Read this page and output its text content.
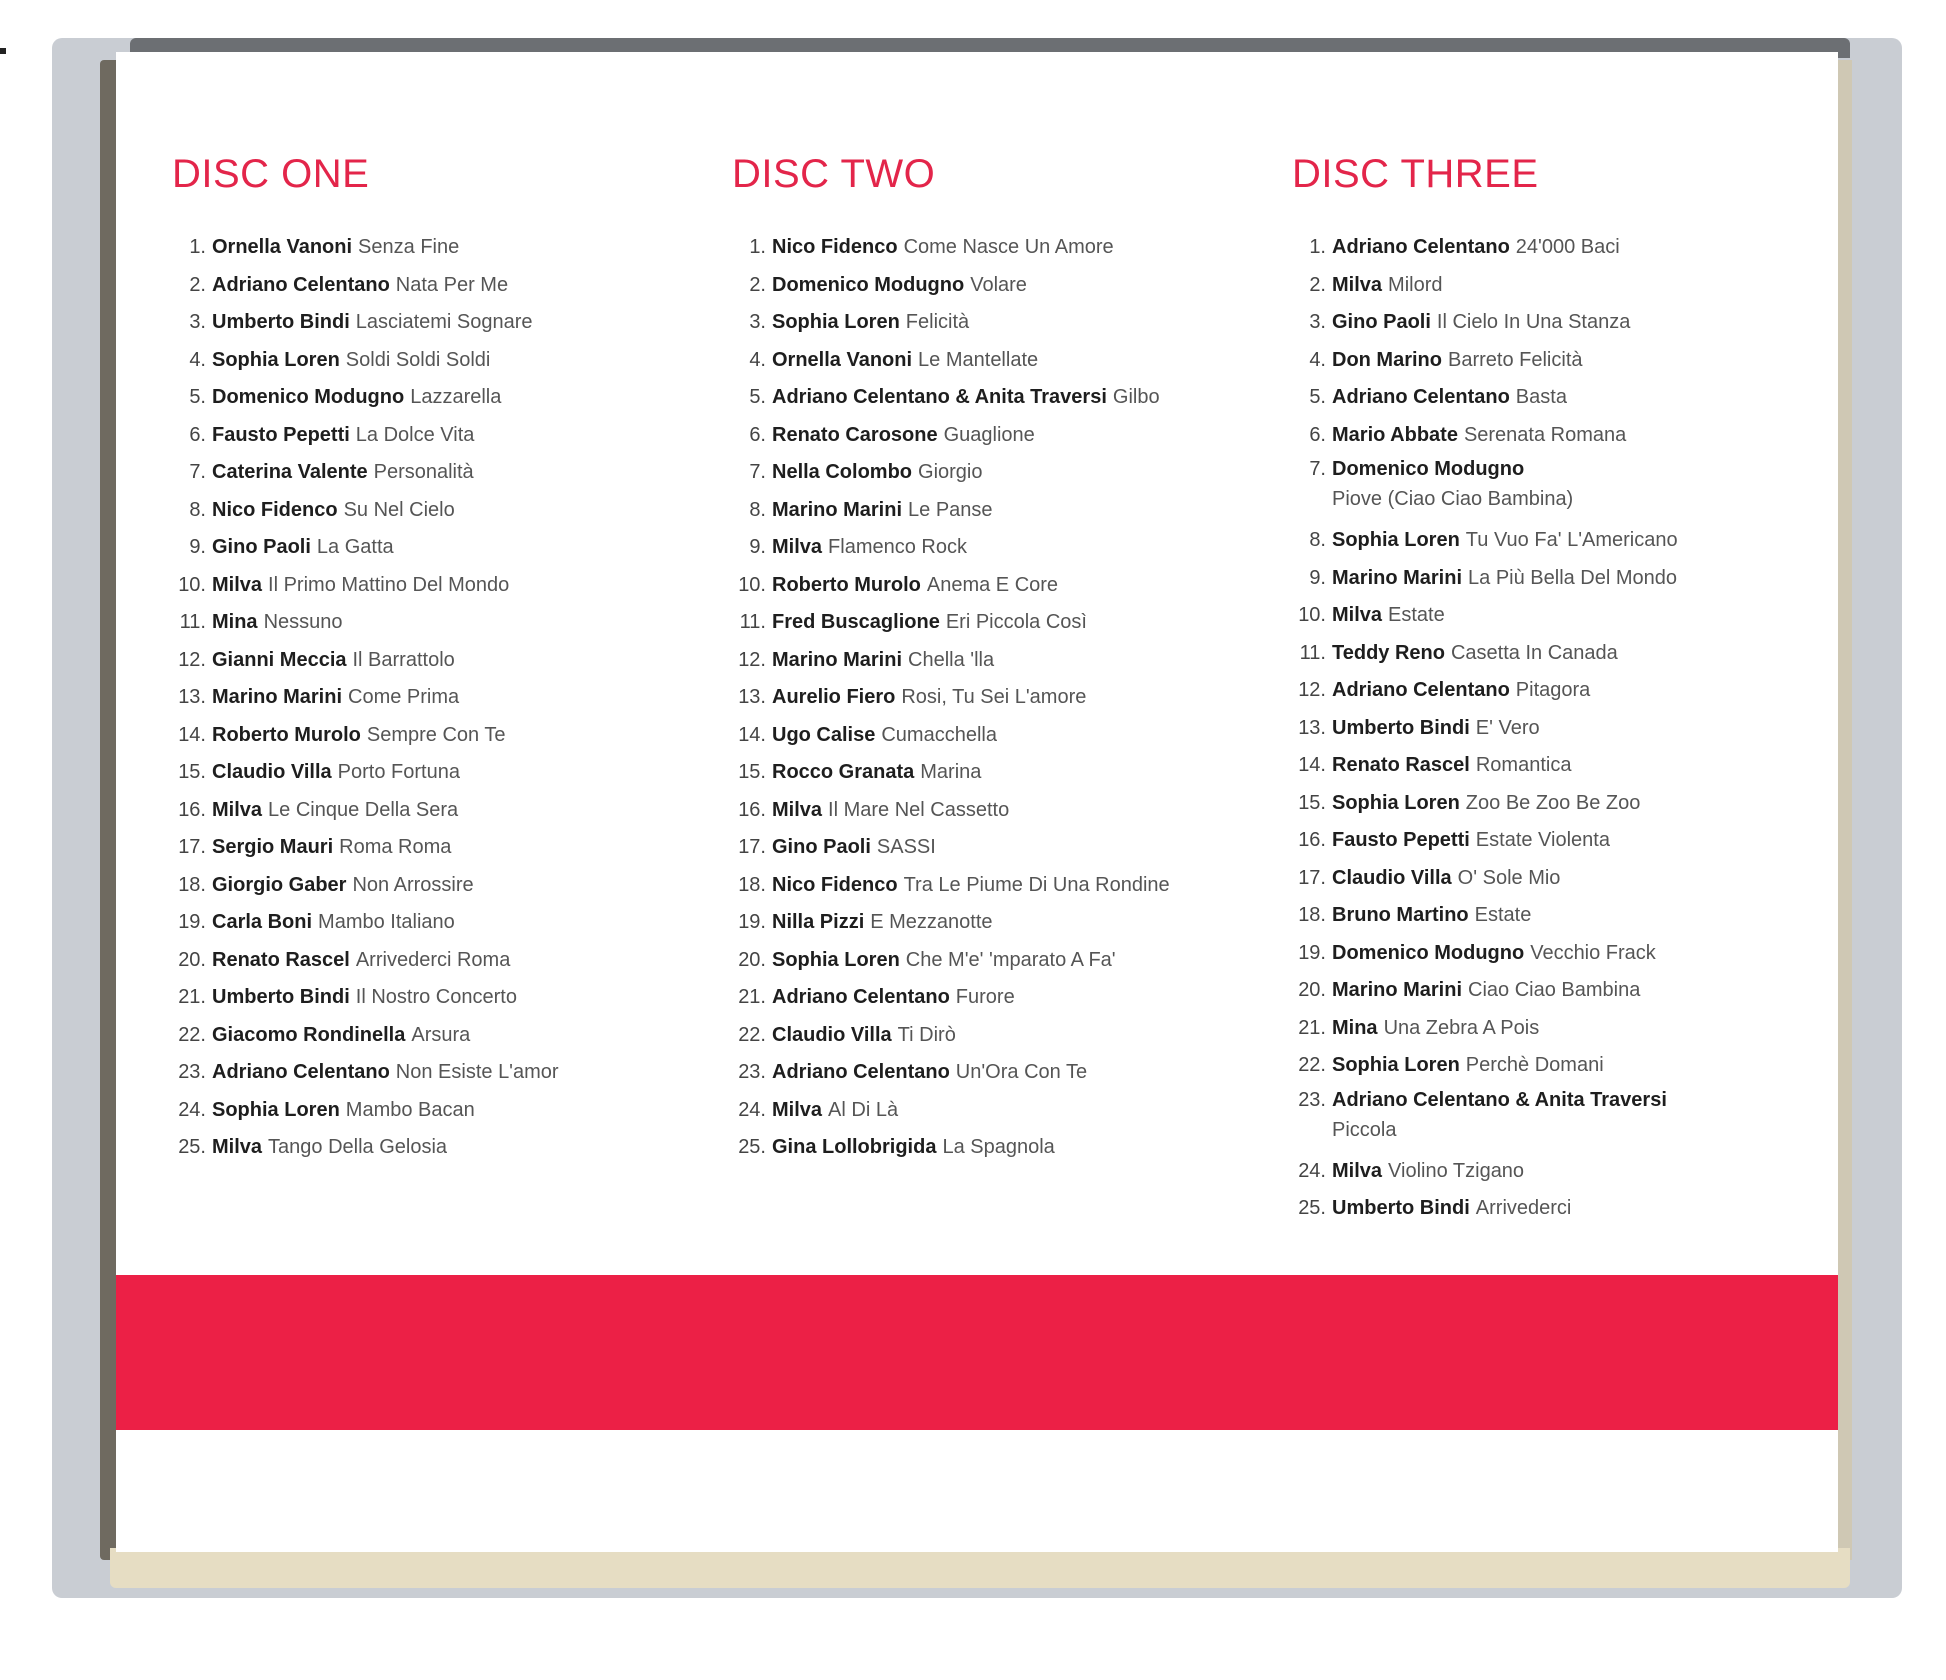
DISC ONE
1. Ornella Vanoni Senza Fine
2. Adriano Celentano Nata Per Me
3. Umberto Bindi Lasciatemi Sognare
4. Sophia Loren Soldi Soldi Soldi
5. Domenico Modugno Lazzarella
6. Fausto Pepetti La Dolce Vita
7. Caterina Valente Personalità
8. Nico Fidenco Su Nel Cielo
9. Gino Paoli La Gatta
10. Milva Il Primo Mattino Del Mondo
11. Mina Nessuno
12. Gianni Meccia Il Barrattolo
13. Marino Marini Come Prima
14. Roberto Murolo Sempre Con Te
15. Claudio Villa Porto Fortuna
16. Milva Le Cinque Della Sera
17. Sergio Mauri Roma Roma
18. Giorgio Gaber Non Arrossire
19. Carla Boni Mambo Italiano
20. Renato Rascel Arrivederci Roma
21. Umberto Bindi Il Nostro Concerto
22. Giacomo Rondinella Arsura
23. Adriano Celentano Non Esiste L'amor
24. Sophia Loren Mambo Bacan
25. Milva Tango Della Gelosia
DISC TWO
1. Nico Fidenco Come Nasce Un Amore
2. Domenico Modugno Volare
3. Sophia Loren Felicità
4. Ornella Vanoni Le Mantellate
5. Adriano Celentano & Anita Traversi Gilbo
6. Renato Carosone Guaglione
7. Nella Colombo Giorgio
8. Marino Marini Le Panse
9. Milva Flamenco Rock
10. Roberto Murolo Anema E Core
11. Fred Buscaglione Eri Piccola Così
12. Marino Marini Chella 'lla
13. Aurelio Fiero Rosi, Tu Sei L'amore
14. Ugo Calise Cumacchella
15. Rocco Granata Marina
16. Milva Il Mare Nel Cassetto
17. Gino Paoli SASSI
18. Nico Fidenco Tra Le Piume Di Una Rondine
19. Nilla Pizzi E Mezzanotte
20. Sophia Loren Che M'e' 'mparato A Fa'
21. Adriano Celentano Furore
22. Claudio Villa Ti Dirò
23. Adriano Celentano Un'Ora Con Te
24. Milva Al Di Là
25. Gina Lollobrigida La Spagnola
DISC THREE
1. Adriano Celentano 24'000 Baci
2. Milva Milord
3. Gino Paoli Il Cielo In Una Stanza
4. Don Marino Barreto Felicità
5. Adriano Celentano Basta
6. Mario Abbate Serenata Romana
7. Domenico Modugno
Piove (Ciao Ciao Bambina)
8. Sophia Loren Tu Vuo Fa' L'Americano
9. Marino Marini La Più Bella Del Mondo
10. Milva Estate
11. Teddy Reno Casetta In Canada
12. Adriano Celentano Pitagora
13. Umberto Bindi E' Vero
14. Renato Rascel Romantica
15. Sophia Loren Zoo Be Zoo Be Zoo
16. Fausto Pepetti Estate Violenta
17. Claudio Villa O' Sole Mio
18. Bruno Martino Estate
19. Domenico Modugno Vecchio Frack
20. Marino Marini Ciao Ciao Bambina
21. Mina Una Zebra A Pois
22. Sophia Loren Perchè Domani
23. Adriano Celentano & Anita Traversi
Piccola
24. Milva Violino Tzigano
25. Umberto Bindi Arrivederci
